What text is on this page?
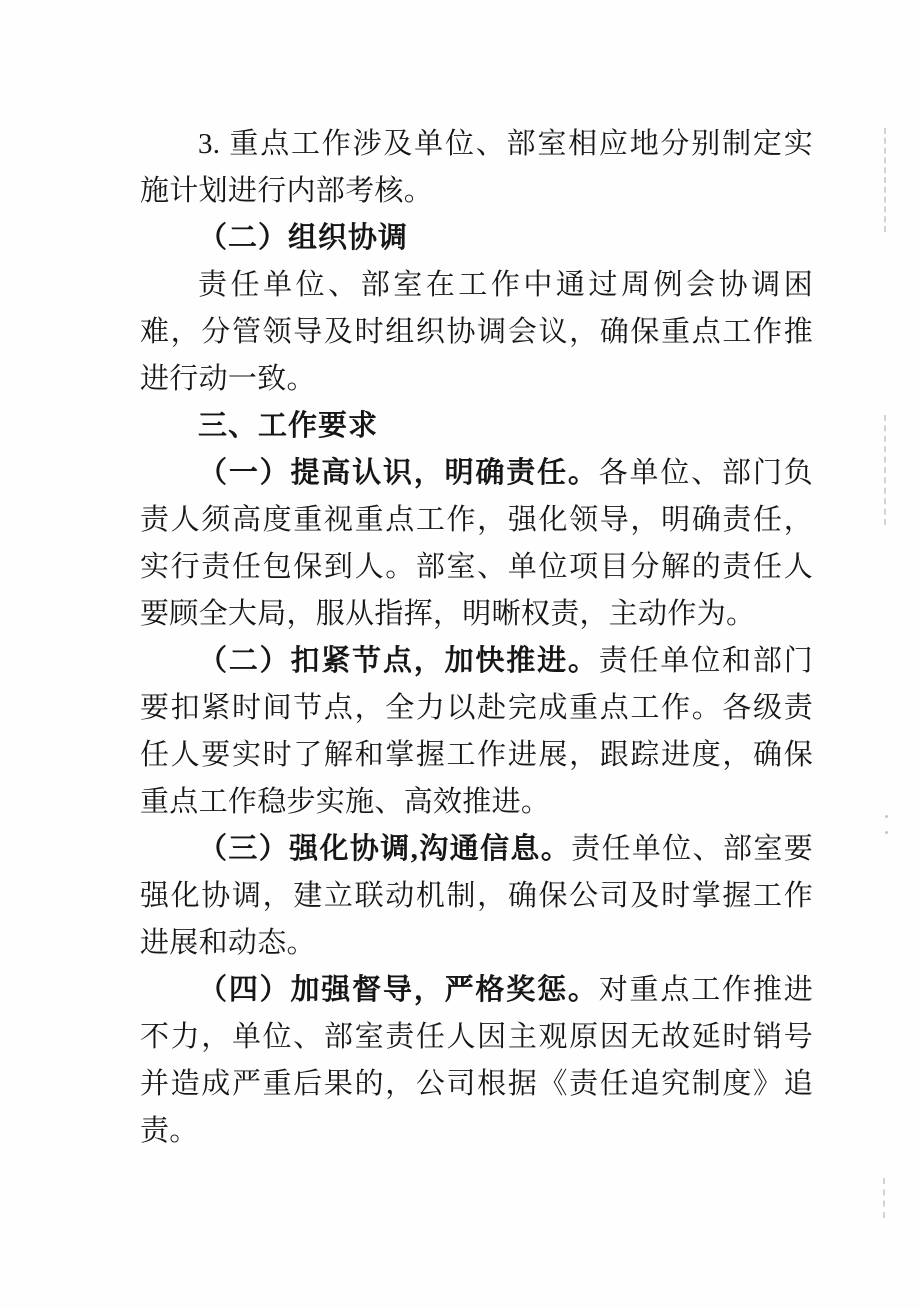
3. 重点工作涉及单位、部室相应地分别制定实施计划进行内部考核。
（二）组织协调
责任单位、部室在工作中通过周例会协调困难，分管领导及时组织协调会议，确保重点工作推进行动一致。
三、工作要求
（一）提高认识，明确责任。各单位、部门负责人须高度重视重点工作，强化领导，明确责任，实行责任包保到人。部室、单位项目分解的责任人要顾全大局，服从指挥，明晰权责，主动作为。
（二）扣紧节点，加快推进。责任单位和部门要扣紧时间节点，全力以赴完成重点工作。各级责任人要实时了解和掌握工作进展，跟踪进度，确保重点工作稳步实施、高效推进。
（三）强化协调,沟通信息。责任单位、部室要强化协调，建立联动机制，确保公司及时掌握工作进展和动态。
（四）加强督导，严格奖惩。对重点工作推进不力，单位、部室责任人因主观原因无故延时销号并造成严重后果的，公司根据《责任追究制度》追责。
